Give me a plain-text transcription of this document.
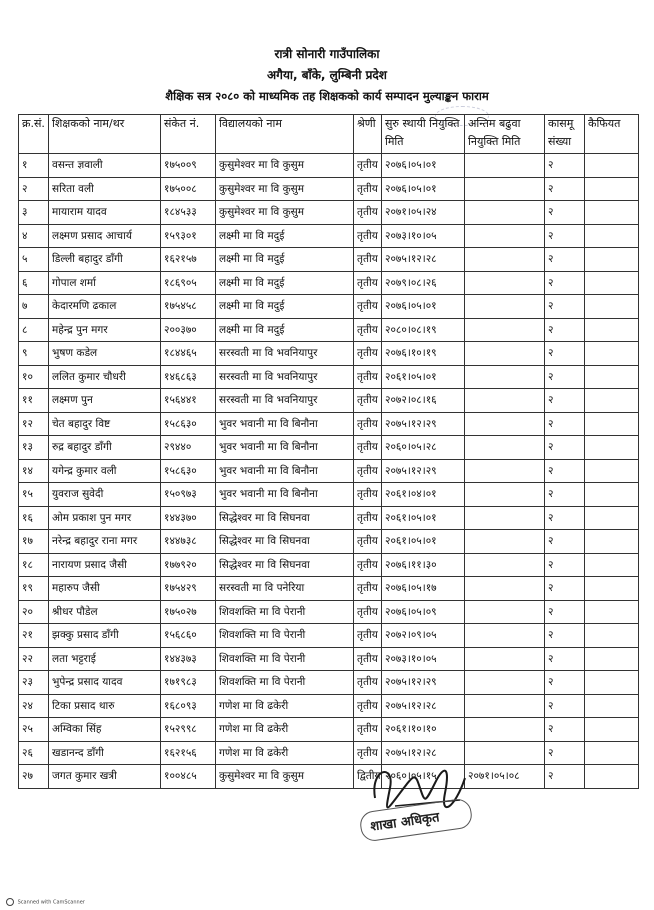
रात्री सोनारी गाउँपालिका
अगैया, बाँके, लुम्बिनी प्रदेश
शैक्षिक सत्र २०८० को माध्यमिक तह शिक्षकको कार्य सम्पादन मुल्याङ्कन फाराम
क्र.सं.	शिक्षकको नाम/थर	संकेत नं.	विद्यालयको नाम	श्रेणी	सुरु स्थायी नियुक्ति मिति	अन्तिम बढुवा नियुक्ति मिति	कासमू संख्या	कैफियत
१	वसन्त ज्ञवाली	१७५००९	कुसुमेश्वर मा वि कुसुम	तृतीय	२०७६।०५।०१		२	
२	सरिता वली	१७५००८	कुसुमेश्वर मा वि कुसुम	तृतीय	२०७६।०५।०१		२	
३	मायाराम यादव	१८४५३३	कुसुमेश्वर मा वि कुसुम	तृतीय	२०७१।०५।२४		२	
४	लक्ष्मण प्रसाद आचार्य	१५९३०१	लक्ष्मी मा वि मदुई	तृतीय	२०७३।१०।०५		२	
५	डिल्ली बहादुर डाँगी	१६२१५७	लक्ष्मी मा वि मदुई	तृतीय	२०७५।१२।२८		२	
६	गोपाल शर्मा	१८६९०५	लक्ष्मी मा वि मदुई	तृतीय	२०७९।०८।२६		२	
७	केदारमणि ढकाल	१७५४५८	लक्ष्मी मा वि मदुई	तृतीय	२०७६।०५।०१		२	
८	महेन्द्र पुन मगर	२००३७०	लक्ष्मी मा वि मदुई	तृतीय	२०८०।०८।१९		२	
९	भुषण कडेल	१८४४६५	सरस्वती मा वि भवनियापुर	तृतीय	२०७६।१०।१९		२	
१०	ललित कुमार चौधरी	१४६८६३	सरस्वती मा वि भवनियापुर	तृतीय	२०६१।०५।०१		२	
११	लक्ष्मण पुन	१५६४४१	सरस्वती मा वि भवनियापुर	तृतीय	२०७२।०८।१६		२	
१२	चेत बहादुर विष्ट	१५८६३०	भुवर भवानी मा वि बिनौना	तृतीय	२०७५।१२।२९		२	
१३	रुद्र बहादुर डाँगी	२९४४०	भुवर भवानी मा वि बिनौना	तृतीय	२०६०।०५।२८		२	
१४	यगेन्द्र कुमार वली	१५८६३०	भुवर भवानी मा वि बिनौना	तृतीय	२०७५।१२।२९		२	
१५	युवराज सुवेदी	१५०९७३	भुवर भवानी मा वि बिनौना	तृतीय	२०६१।०४।०१		२	
१६	ओम प्रकाश पुन मगर	१४४३७०	सिद्धेश्वर मा वि सिघनवा	तृतीय	२०६१।०५।०१		२	
१७	नरेन्द्र बहादुर राना मगर	१४४७३८	सिद्धेश्वर मा वि सिघनवा	तृतीय	२०६१।०५।०१		२	
१८	नारायण प्रसाद जैसी	१७७९२०	सिद्धेश्वर मा वि सिघनवा	तृतीय	२०७६।११।३०		२	
१९	महारुप जैसी	१७५४२९	सरस्वती मा वि पनेरिया	तृतीय	२०७६।०५।१७		२	
२०	श्रीधर पौडेल	१७५०२७	शिवशक्ति मा वि पेरानी	तृतीय	२०७६।०५।०९		२	
२१	झक्कु प्रसाद डाँगी	१५६८६०	शिवशक्ति मा वि पेरानी	तृतीय	२०७२।०९।०५		२	
२२	लता भट्टराई	१४४३७३	शिवशक्ति मा वि पेरानी	तृतीय	२०७३।१०।०५		२	
२३	भुपेन्द्र प्रसाद यादव	१७१९८३	शिवशक्ति मा वि पेरानी	तृतीय	२०७५।१२।२९		२	
२४	टिका प्रसाद थारु	१६८०९३	गणेश मा वि ढकेरी	तृतीय	२०७५।१२।२८		२	
२५	अम्विका सिंह	१५२९९८	गणेश मा वि ढकेरी	तृतीय	२०६१।१०।१०		२	
२६	खडानन्द डाँगी	१६२१५६	गणेश मा वि ढकेरी	तृतीय	२०७५।१२।२८		२	
२७	जगत कुमार खत्री	१००४८५	कुसुमेश्वर मा वि कुसुम	द्वितीय	२०६०।०५।१५	२०७१।०५।०८	२	
शाखा अधिकृत
Scanned with CamScanner
